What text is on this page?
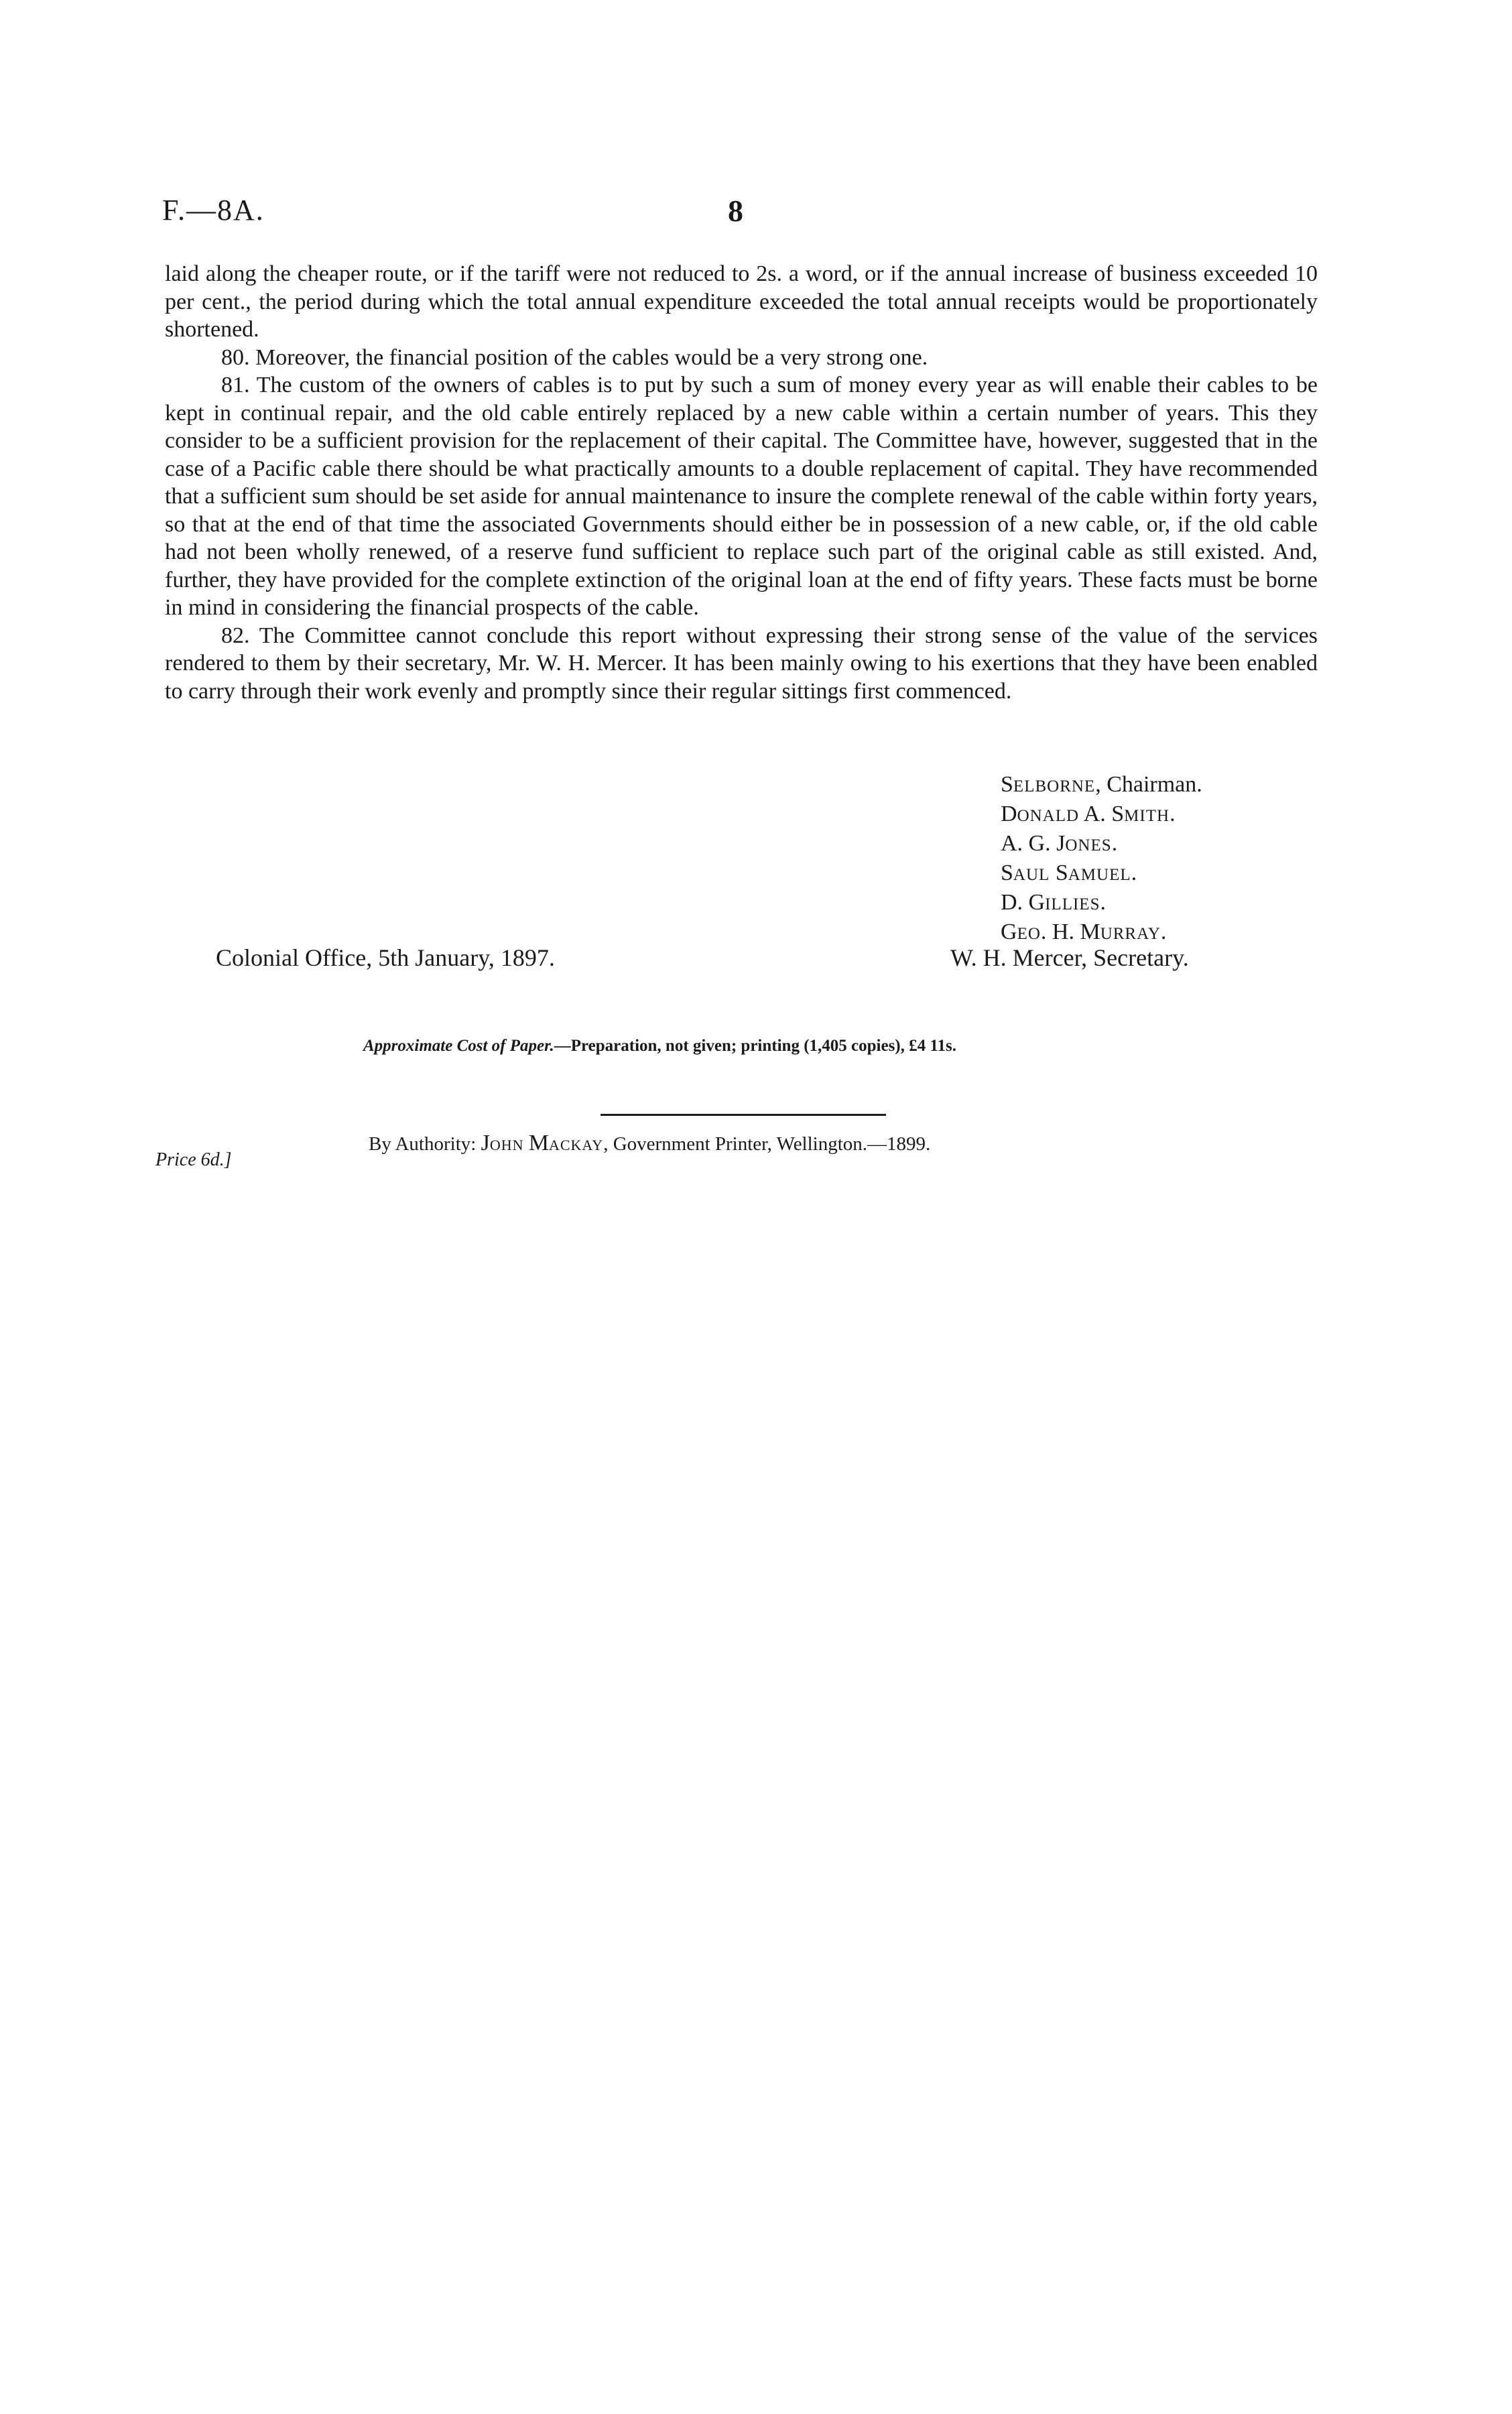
F.—8A.	8

laid along the cheaper route, or if the tariff were not reduced to 2s. a word, or if the annual increase of business exceeded 10 per cent., the period during which the total annual expenditure exceeded the total annual receipts would be proportionately shortened.

80. Moreover, the financial position of the cables would be a very strong one.

81. The custom of the owners of cables is to put by such a sum of money every year as will enable their cables to be kept in continual repair, and the old cable entirely replaced by a new cable within a certain number of years. This they consider to be a sufficient provision for the replacement of their capital. The Committee have, however, suggested that in the case of a Pacific cable there should be what practically amounts to a double replacement of capital. They have recommended that a sufficient sum should be set aside for annual maintenance to insure the complete renewal of the cable within forty years, so that at the end of that time the associated Governments should either be in possession of a new cable, or, if the old cable had not been wholly renewed, of a reserve fund sufficient to replace such part of the original cable as still existed. And, further, they have provided for the complete extinction of the original loan at the end of fifty years. These facts must be borne in mind in considering the financial prospects of the cable.

82. The Committee cannot conclude this report without expressing their strong sense of the value of the services rendered to them by their secretary, Mr. W. H. Mercer. It has been mainly owing to his exertions that they have been enabled to carry through their work evenly and promptly since their regular sittings first commenced.

SELBORNE, Chairman.
DONALD A. SMITH.
A. G. JONES.
SAUL SAMUEL.
D. GILLIES.
GEO. H. MURRAY.
Colonial Office, 5th January, 1897.	W. H. Mercer, Secretary.
Approximate Cost of Paper.—Preparation, not given; printing (1,405 copies), £4 11s.
Price 6d.]
By Authority: JOHN MACKAY, Government Printer, Wellington.—1899.
